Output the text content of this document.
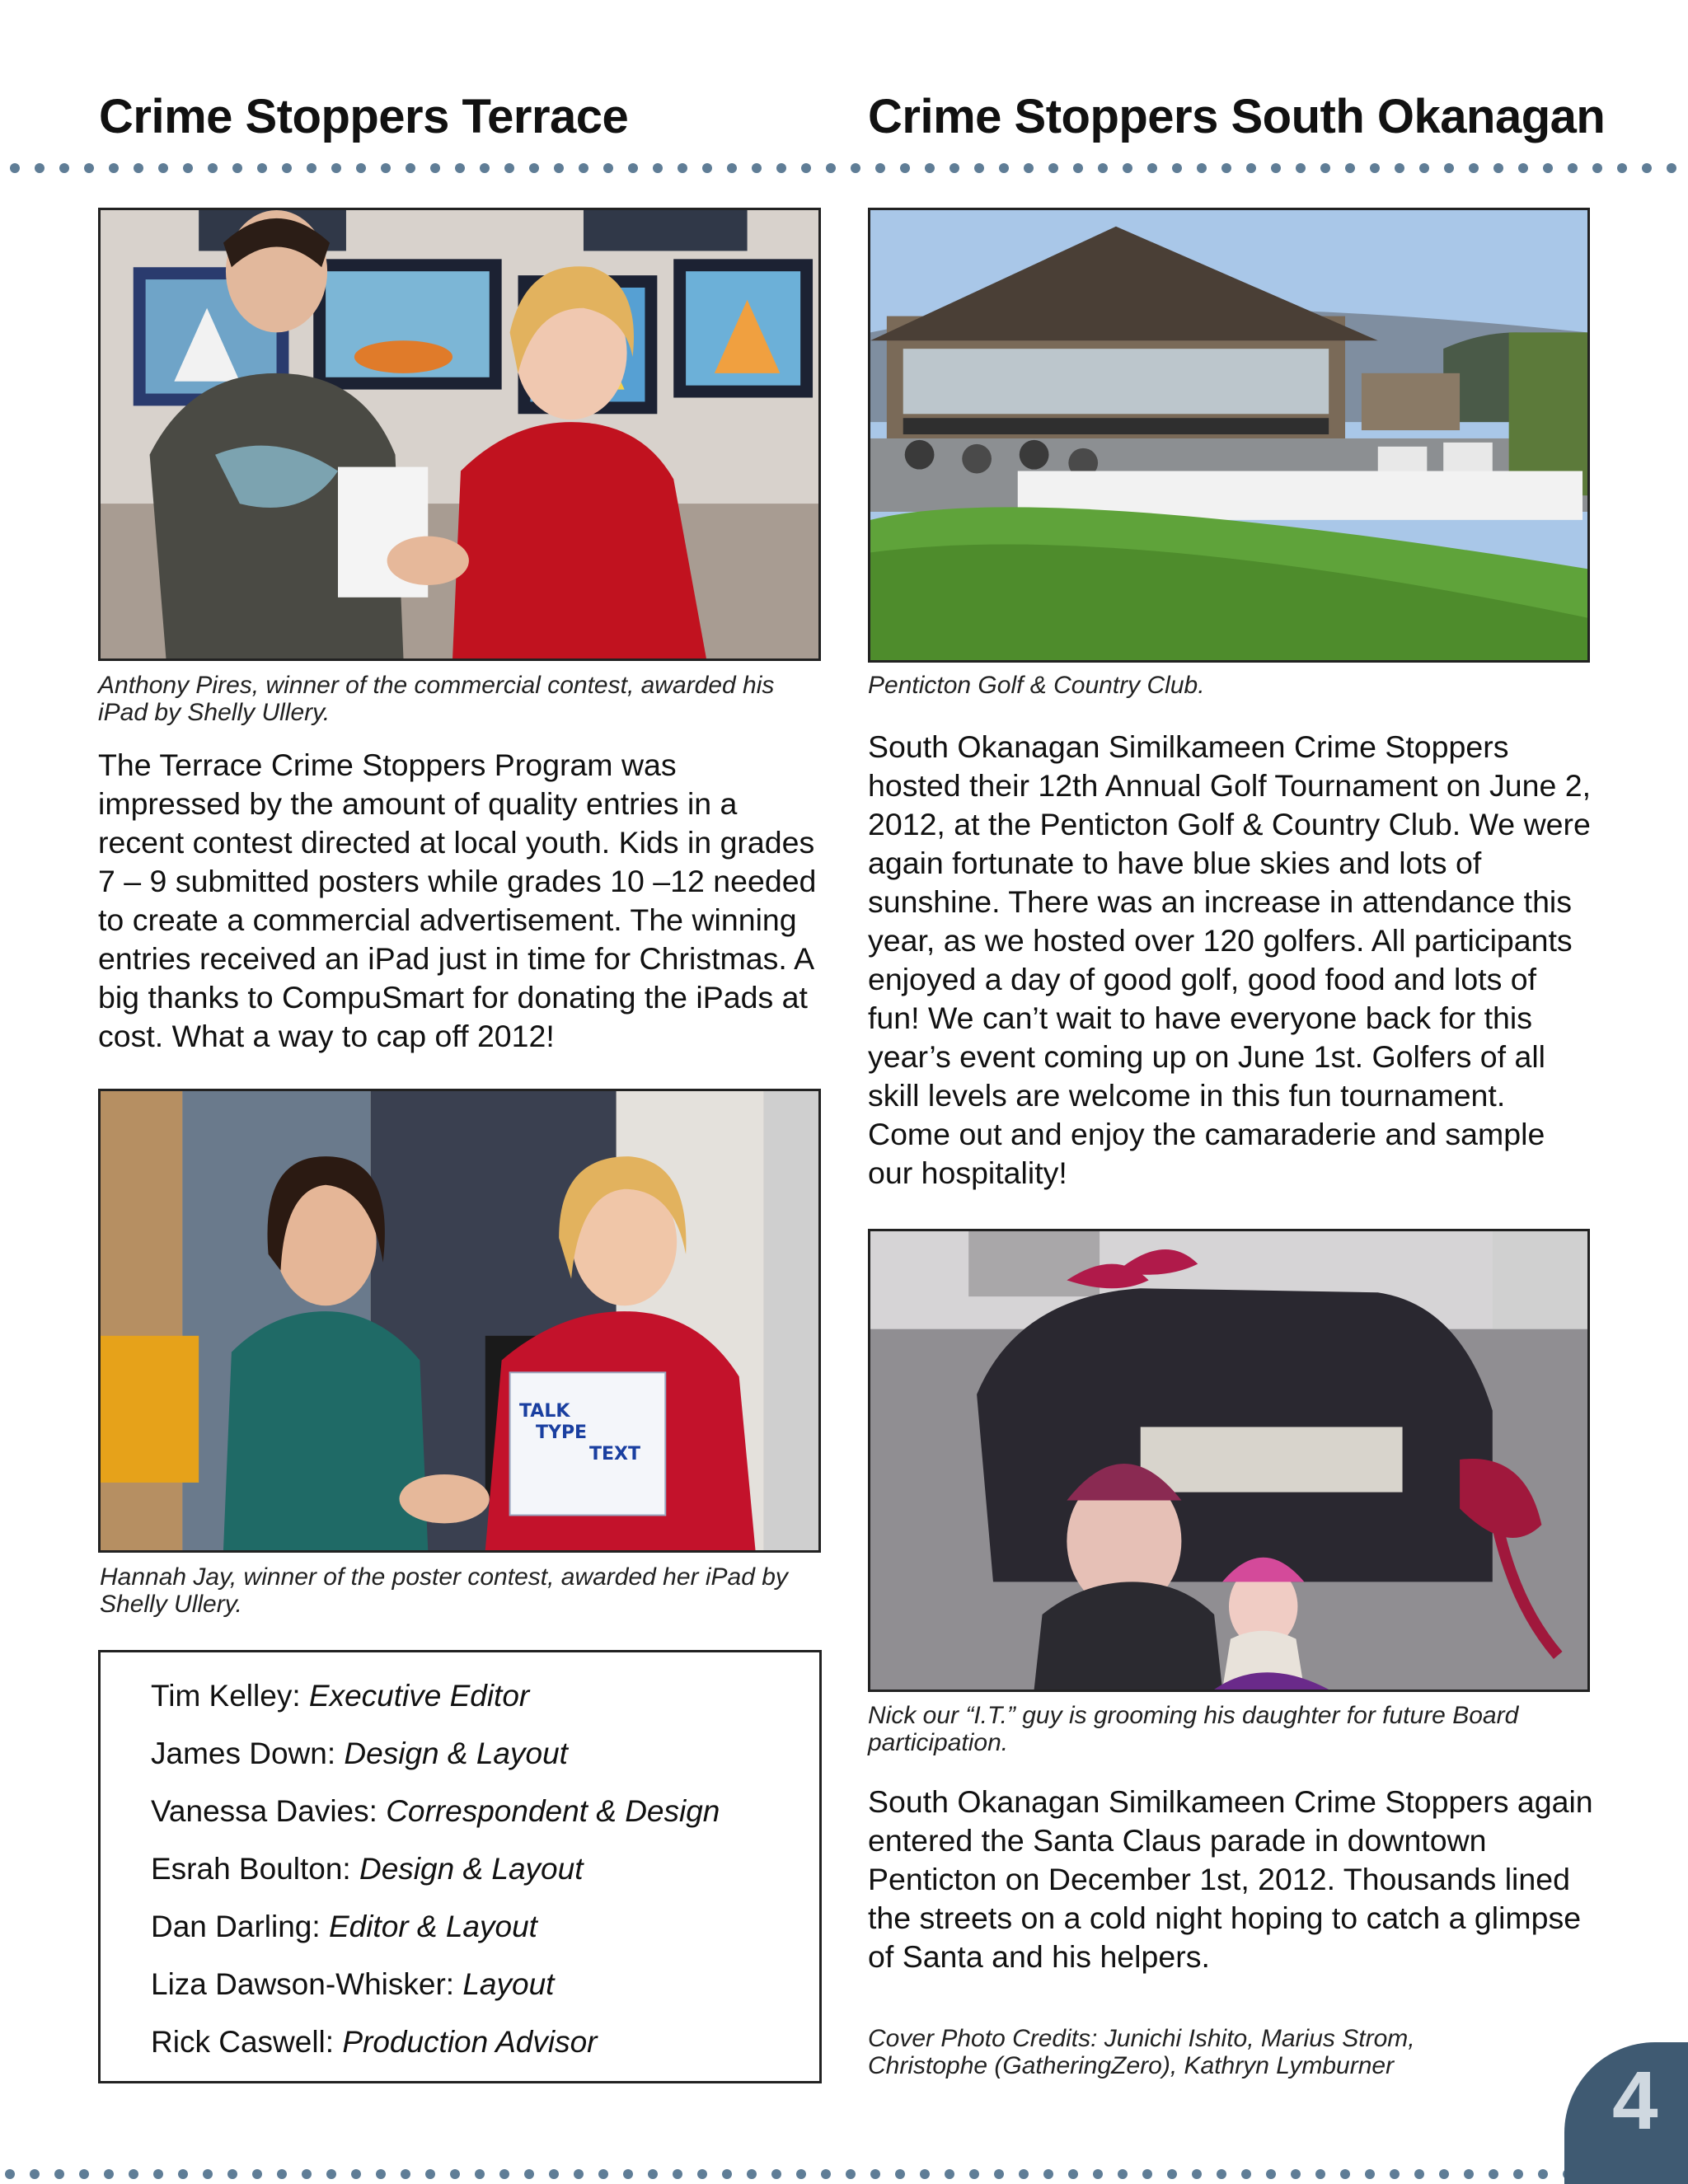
Crime Stoppers Terrace	Crime Stoppers South Okanagan
Anthony Pires, winner of the commercial contest, awarded his iPad by Shelly Ullery.
The Terrace Crime Stoppers Program was impressed by the amount of quality entries in a recent contest directed at local youth. Kids in grades 7 – 9 submitted posters while grades 10 –12 needed to create a commercial advertisement. The winning entries received an iPad just in time for Christmas. A big thanks to CompuSmart for donating the iPads at cost. What a way to cap off 2012!
TALK
TYPE
TEXT
Hannah Jay, winner of the poster contest, awarded her iPad by Shelly Ullery.
Tim Kelley: Executive Editor
James Down: Design & Layout
Vanessa Davies: Correspondent & Design
Esrah Boulton: Design & Layout
Dan Darling: Editor & Layout
Liza Dawson-Whisker: Layout
Rick Caswell: Production Advisor
Penticton Golf & Country Club.
South Okanagan Similkameen Crime Stoppers hosted their 12th Annual Golf Tournament on June 2, 2012, at the Penticton Golf & Country Club. We were again fortunate to have blue skies and lots of sunshine. There was an increase in attendance this year, as we hosted over 120 golfers. All participants enjoyed a day of good golf, good food and lots of fun! We can’t wait to have everyone back for this year’s event coming up on June 1st. Golfers of all skill levels are welcome in this fun tournament. Come out and enjoy the camaraderie and sample our hospitality!
Nick our “I.T.” guy is grooming his daughter for future Board participation.
South Okanagan Similkameen Crime Stoppers again entered the Santa Claus parade in downtown Penticton on December 1st, 2012. Thousands lined the streets on a cold night hoping to catch a glimpse of Santa and his helpers.
Cover Photo Credits: Junichi Ishito, Marius Strom, Christophe (GatheringZero), Kathryn Lymburner	4
